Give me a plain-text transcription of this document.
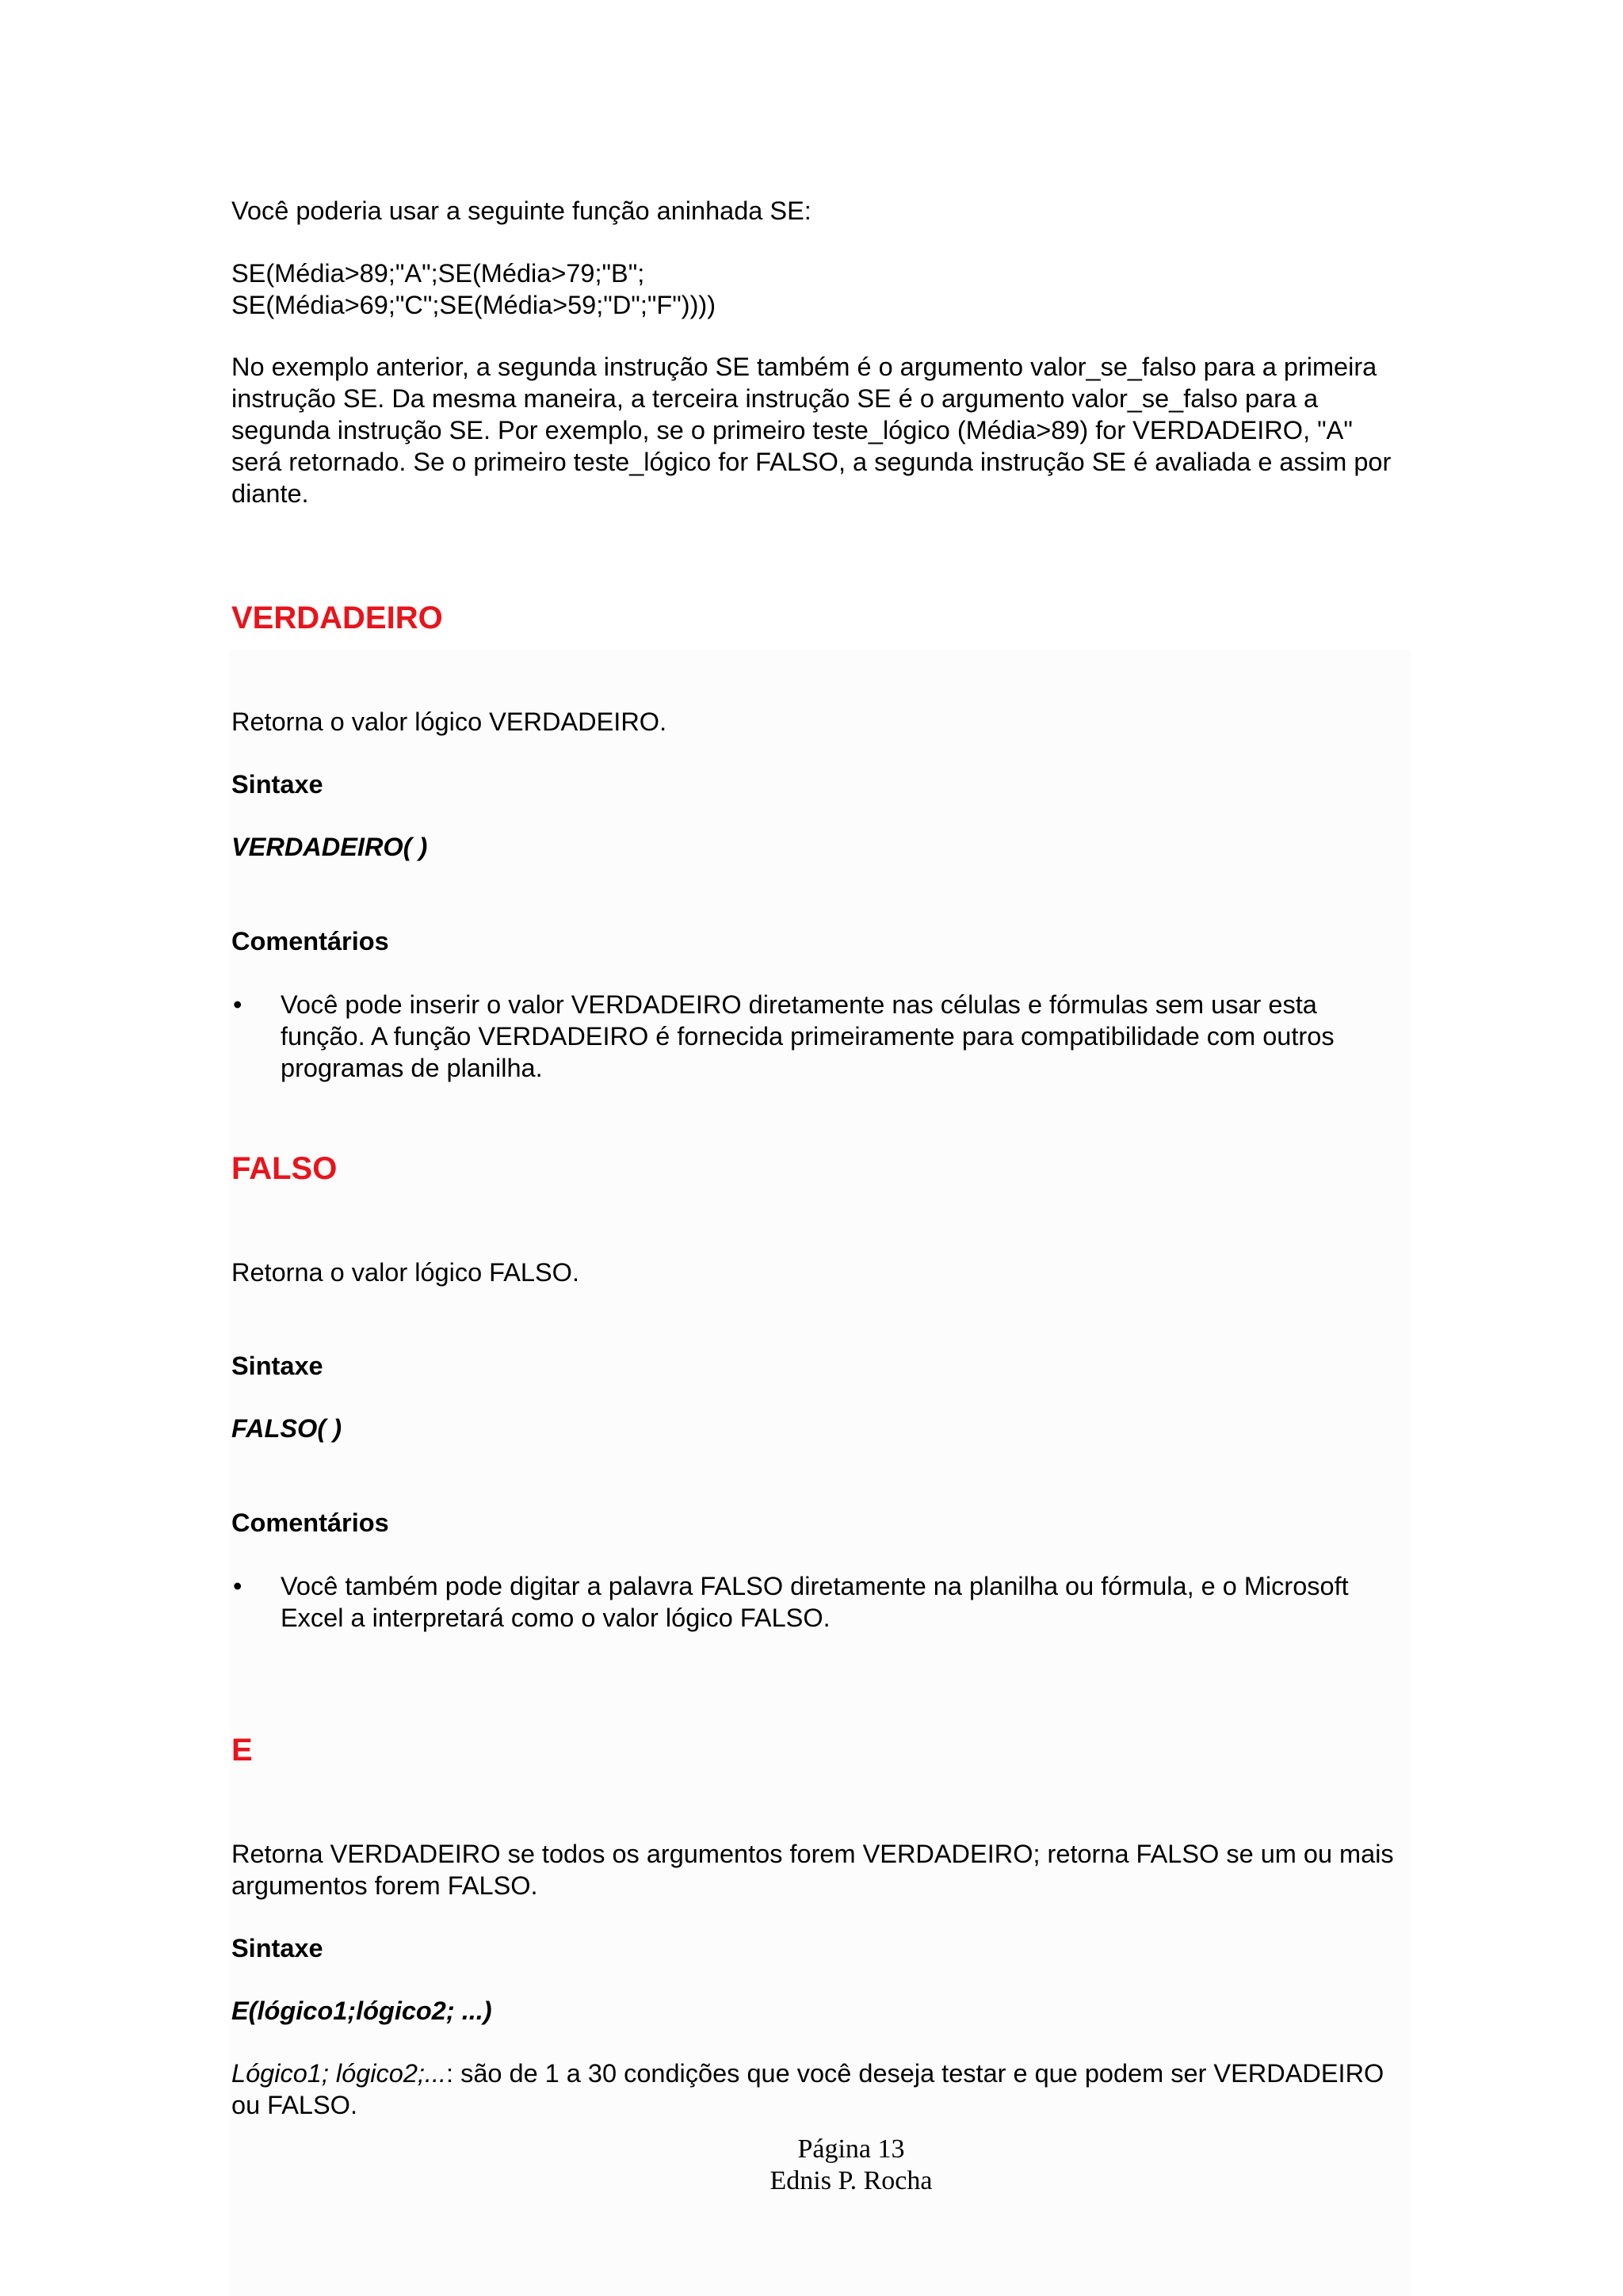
Você poderia usar a seguinte função aninhada SE:

SE(Média>89;"A";SE(Média>79;"B";

SE(Média>69;"C";SE(Média>59;"D";"F"))))

No exemplo anterior, a segunda instrução SE também é o argumento valor_se_falso para a primeira

instrução SE. Da mesma maneira, a terceira instrução SE é o argumento valor_se_falso para a

segunda instrução SE. Por exemplo, se o primeiro teste_lógico (Média>89) for VERDADEIRO, "A"

será retornado. Se o primeiro teste_lógico for FALSO, a segunda instrução SE é avaliada e assim por

diante.

VERDADEIRO

Retorna o valor lógico VERDADEIRO.

Sintaxe

VERDADEIRO( )

Comentários

• Você pode inserir o valor VERDADEIRO diretamente nas células e fórmulas sem usar esta

função. A função VERDADEIRO é fornecida primeiramente para compatibilidade com outros

programas de planilha.

FALSO

Retorna o valor lógico FALSO.

Sintaxe

FALSO( )

Comentários

• Você também pode digitar a palavra FALSO diretamente na planilha ou fórmula, e o Microsoft

Excel a interpretará como o valor lógico FALSO.

E

Retorna VERDADEIRO se todos os argumentos forem VERDADEIRO; retorna FALSO se um ou mais

argumentos forem FALSO.

Sintaxe

E(lógico1;lógico2; ...)

Lógico1; lógico2;...: são de 1 a 30 condições que você deseja testar e que podem ser VERDADEIRO

ou FALSO.

Página 13
Ednis P. Rocha
